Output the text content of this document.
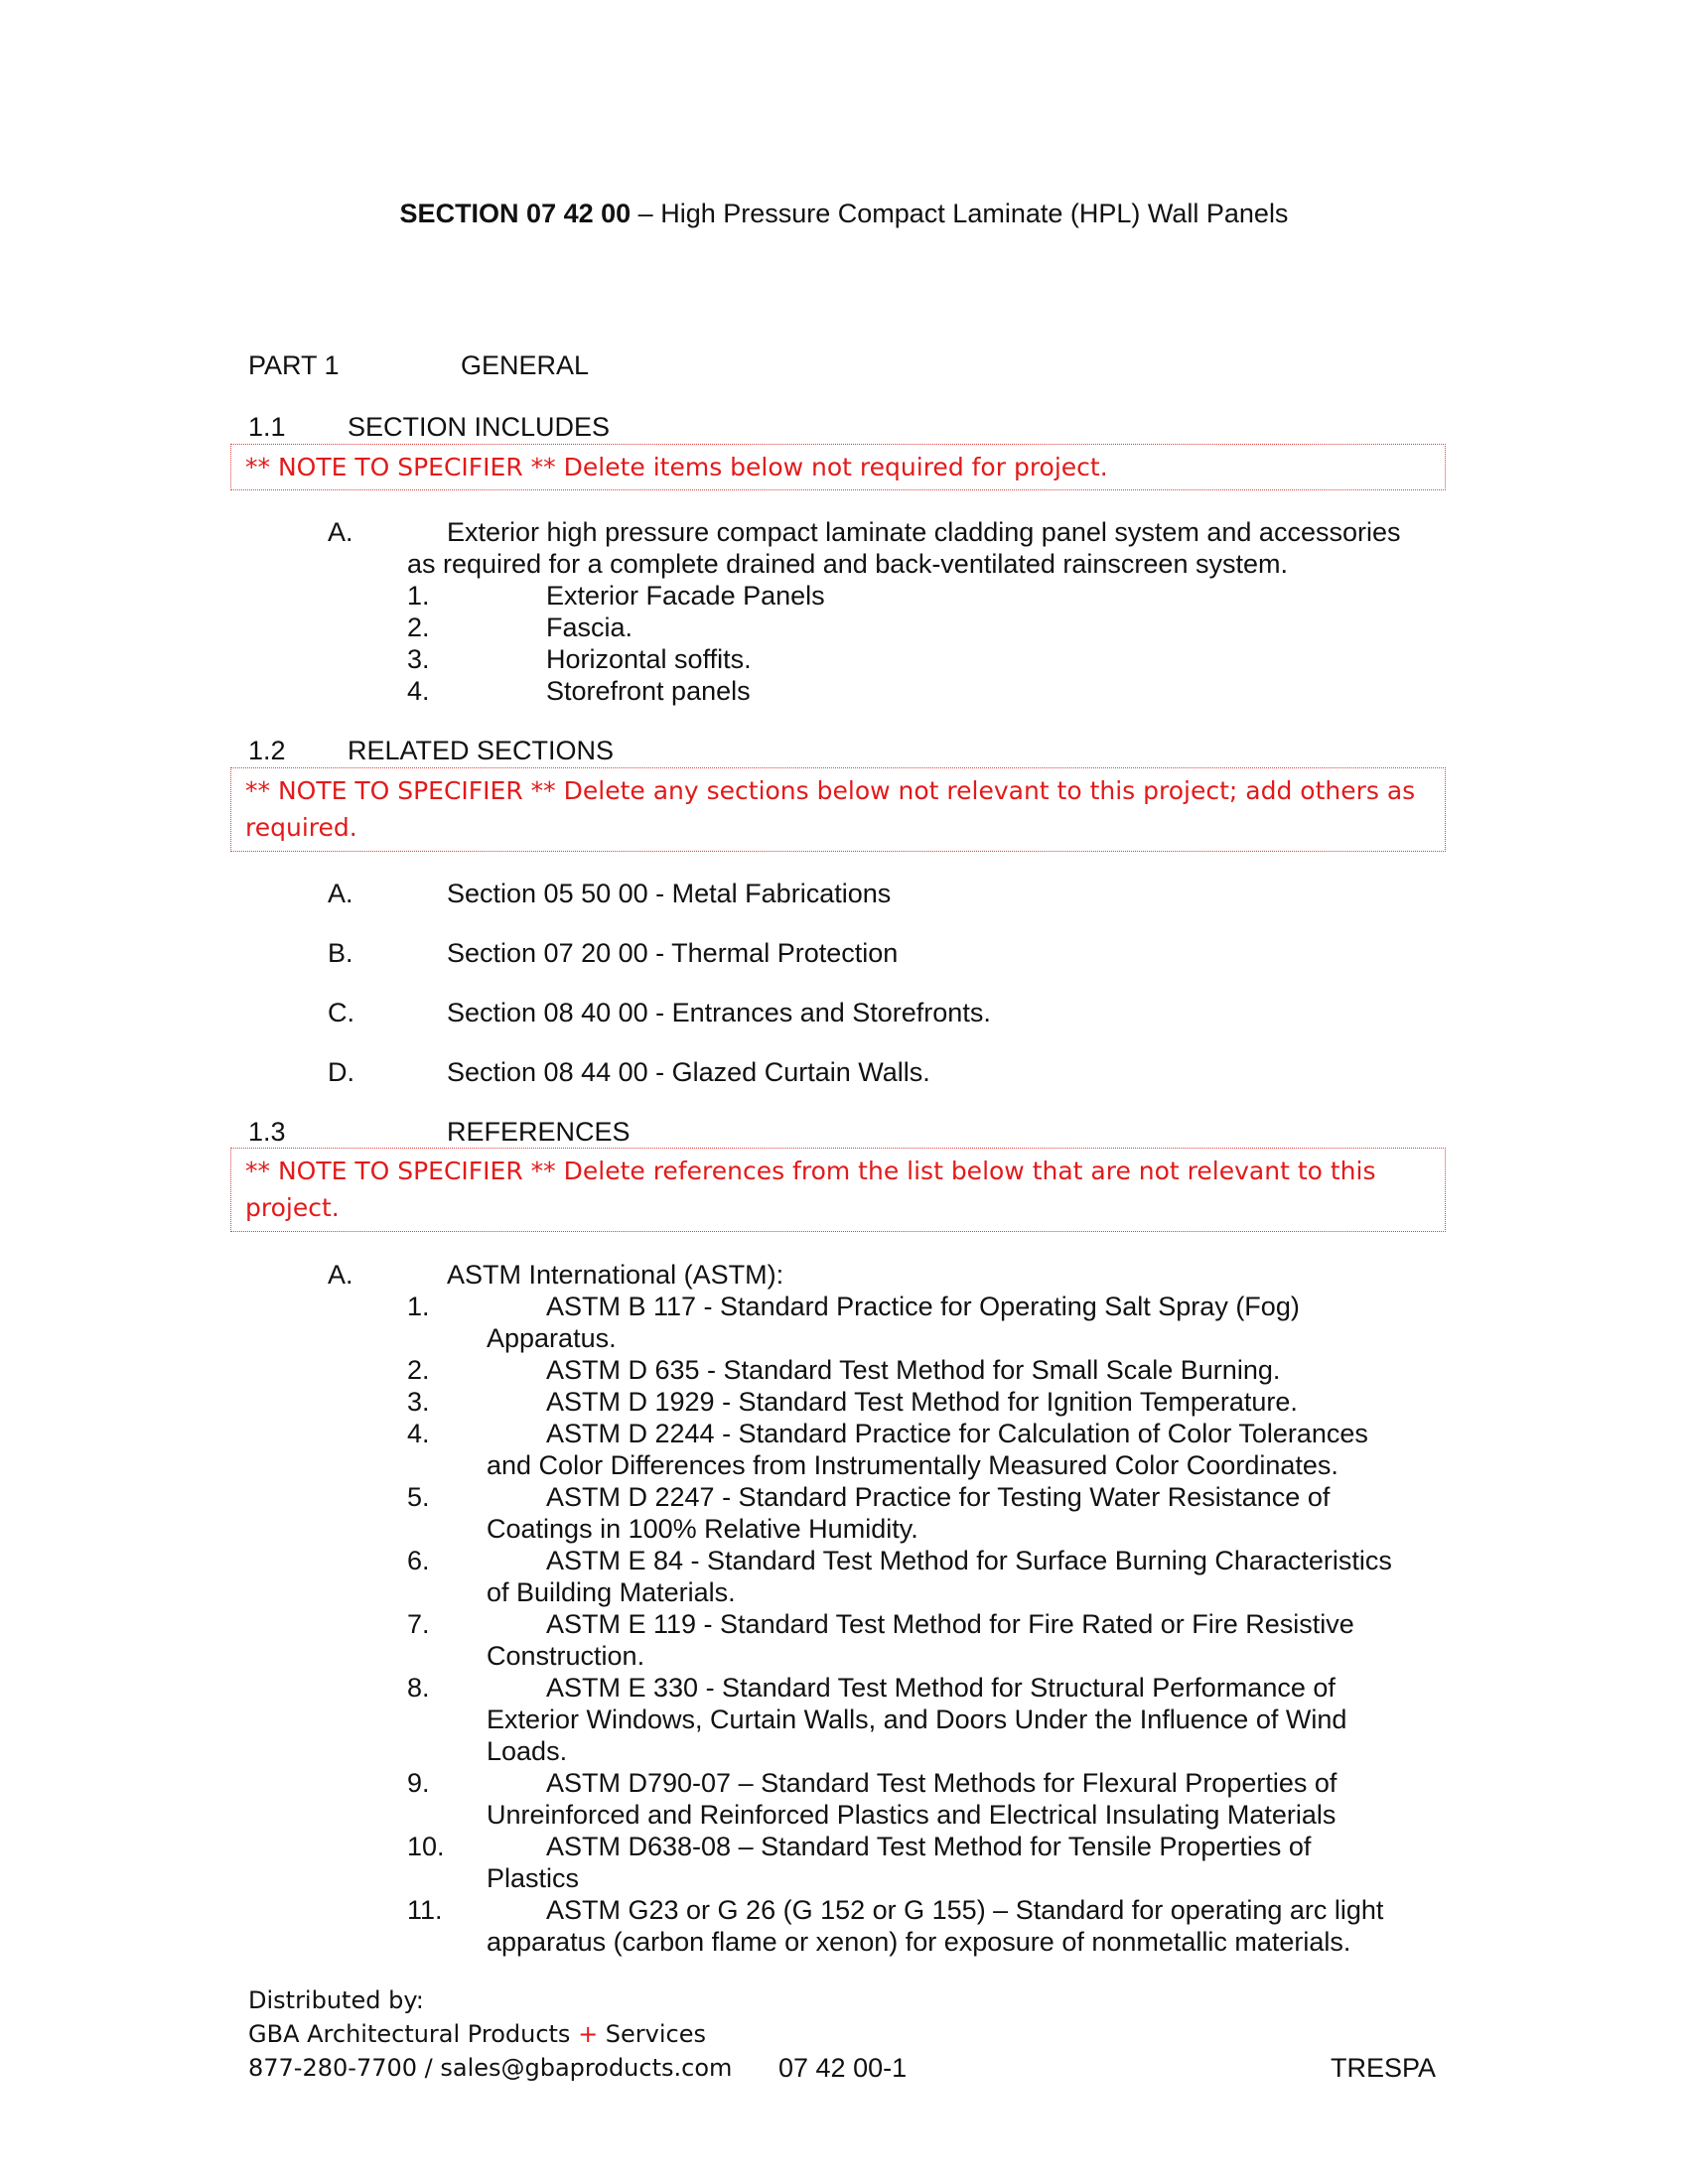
SECTION 07 42 00 – High Pressure Compact Laminate (HPL) Wall Panels
PART 1	GENERAL
1.1 SECTION INCLUDES
** NOTE TO SPECIFIER ** Delete items below not required for project.
A.	Exterior high pressure compact laminate cladding panel system and accessories
as required for a complete drained and back-ventilated rainscreen system.
1.	Exterior Facade Panels
2.	Fascia.
3.	Horizontal soffits.
4.	Storefront panels
1.2 RELATED SECTIONS
** NOTE TO SPECIFIER ** Delete any sections below not relevant to this project; add others as required.
A.	Section 05 50 00 - Metal Fabrications
B.	Section 07 20 00 - Thermal Protection
C.	Section 08 40 00 - Entrances and Storefronts.
D.	Section 08 44 00 - Glazed Curtain Walls.
1.3	REFERENCES
** NOTE TO SPECIFIER ** Delete references from the list below that are not relevant to this project.
A.	ASTM International (ASTM):
1.	ASTM B 117 - Standard Practice for Operating Salt Spray (Fog)
Apparatus.
2.	ASTM D 635 - Standard Test Method for Small Scale Burning.
3.	ASTM D 1929 - Standard Test Method for Ignition Temperature.
4.	ASTM D 2244 - Standard Practice for Calculation of Color Tolerances
and Color Differences from Instrumentally Measured Color Coordinates.
5.	ASTM D 2247 - Standard Practice for Testing Water Resistance of
Coatings in 100% Relative Humidity.
6.	ASTM E 84 - Standard Test Method for Surface Burning Characteristics
of Building Materials.
7.	ASTM E 119 - Standard Test Method for Fire Rated or Fire Resistive
Construction.
8.	ASTM E 330 - Standard Test Method for Structural Performance of
Exterior Windows, Curtain Walls, and Doors Under the Influence of Wind
Loads.
9.	ASTM D790-07 – Standard Test Methods for Flexural Properties of
Unreinforced and Reinforced Plastics and Electrical Insulating Materials
10.	ASTM D638-08 – Standard Test Method for Tensile Properties of
Plastics
11.	ASTM G23 or G 26 (G 152 or G 155) – Standard for operating arc light
apparatus (carbon flame or xenon) for exposure of nonmetallic materials.
Distributed by:
GBA Architectural Products + Services
877-280-7700 / sales@gbaproducts.com 07 42 00-1	TRESPA
